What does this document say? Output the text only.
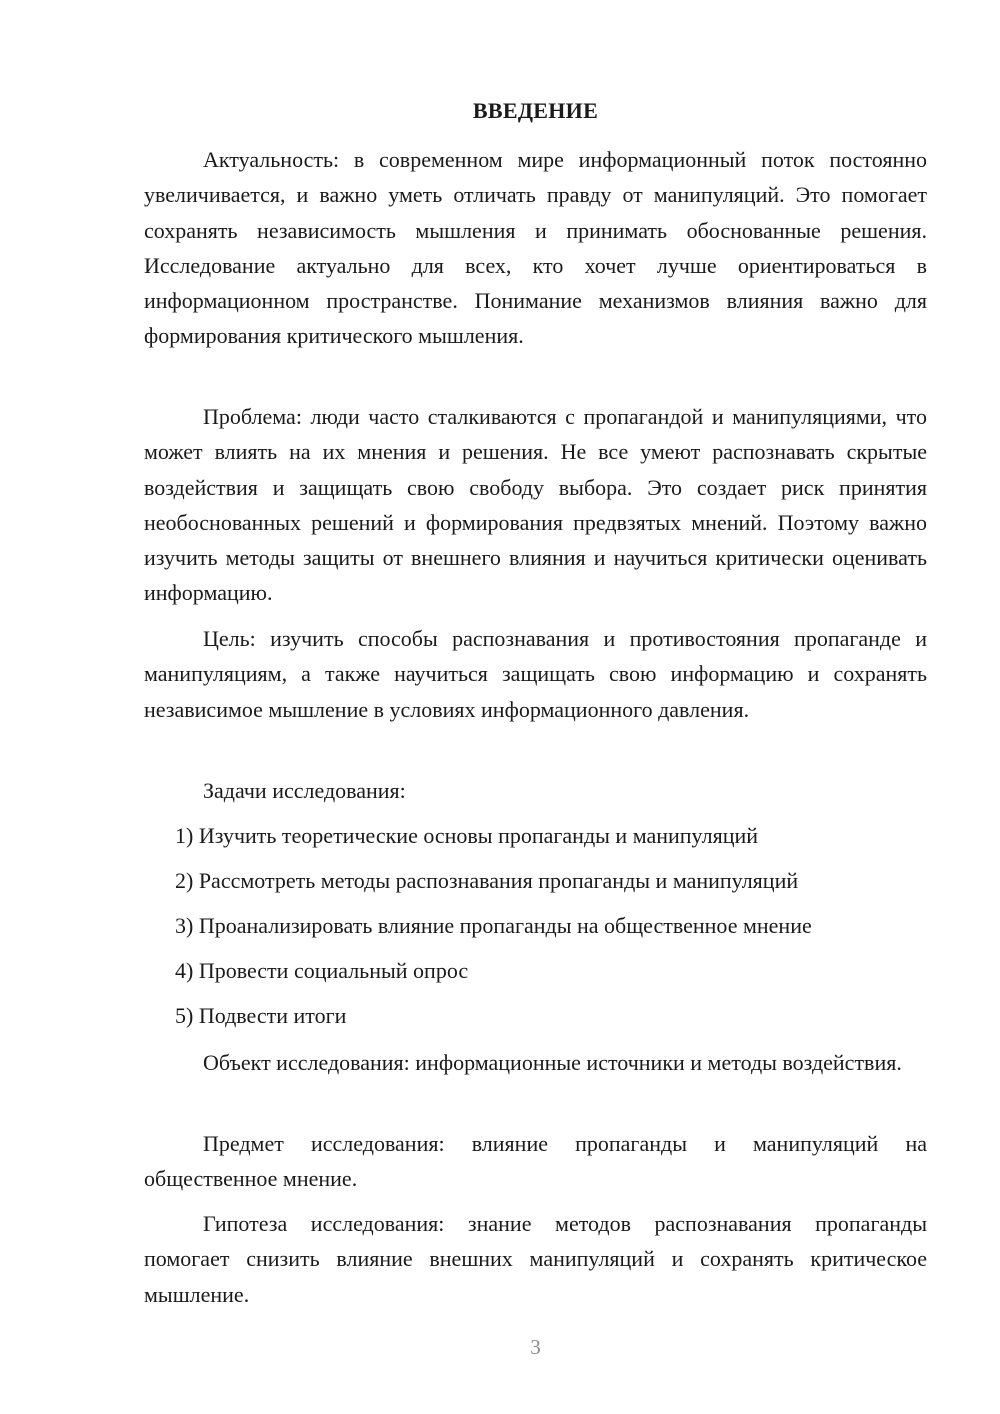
ВВЕДЕНИЕ

Актуальность: в современном мире информационный поток постоянно увеличивается, и важно уметь отличать правду от манипуляций. Это помогает сохранять независимость мышления и принимать обоснованные решения. Исследование актуально для всех, кто хочет лучше ориентироваться в информационном пространстве. Понимание механизмов влияния важно для формирования критического мышления.

Проблема: люди часто сталкиваются с пропагандой и манипуляциями, что может влиять на их мнения и решения. Не все умеют распознавать скрытые воздействия и защищать свою свободу выбора. Это создает риск принятия необоснованных решений и формирования предвзятых мнений. Поэтому важно изучить методы защиты от внешнего влияния и научиться критически оценивать информацию.

Цель: изучить способы распознавания и противостояния пропаганде и манипуляциям, а также научиться защищать свою информацию и сохранять независимое мышление в условиях информационного давления.

Задачи исследования:
1) Изучить теоретические основы пропаганды и манипуляций
2) Рассмотреть методы распознавания пропаганды и манипуляций
3) Проанализировать влияние пропаганды на общественное мнение
4) Провести социальный опрос
5) Подвести итоги

Объект исследования: информационные источники и методы воздействия.

Предмет исследования: влияние пропаганды и манипуляций на общественное мнение.

Гипотеза исследования: знание методов распознавания пропаганды помогает снизить влияние внешних манипуляций и сохранять критическое мышление.

3
